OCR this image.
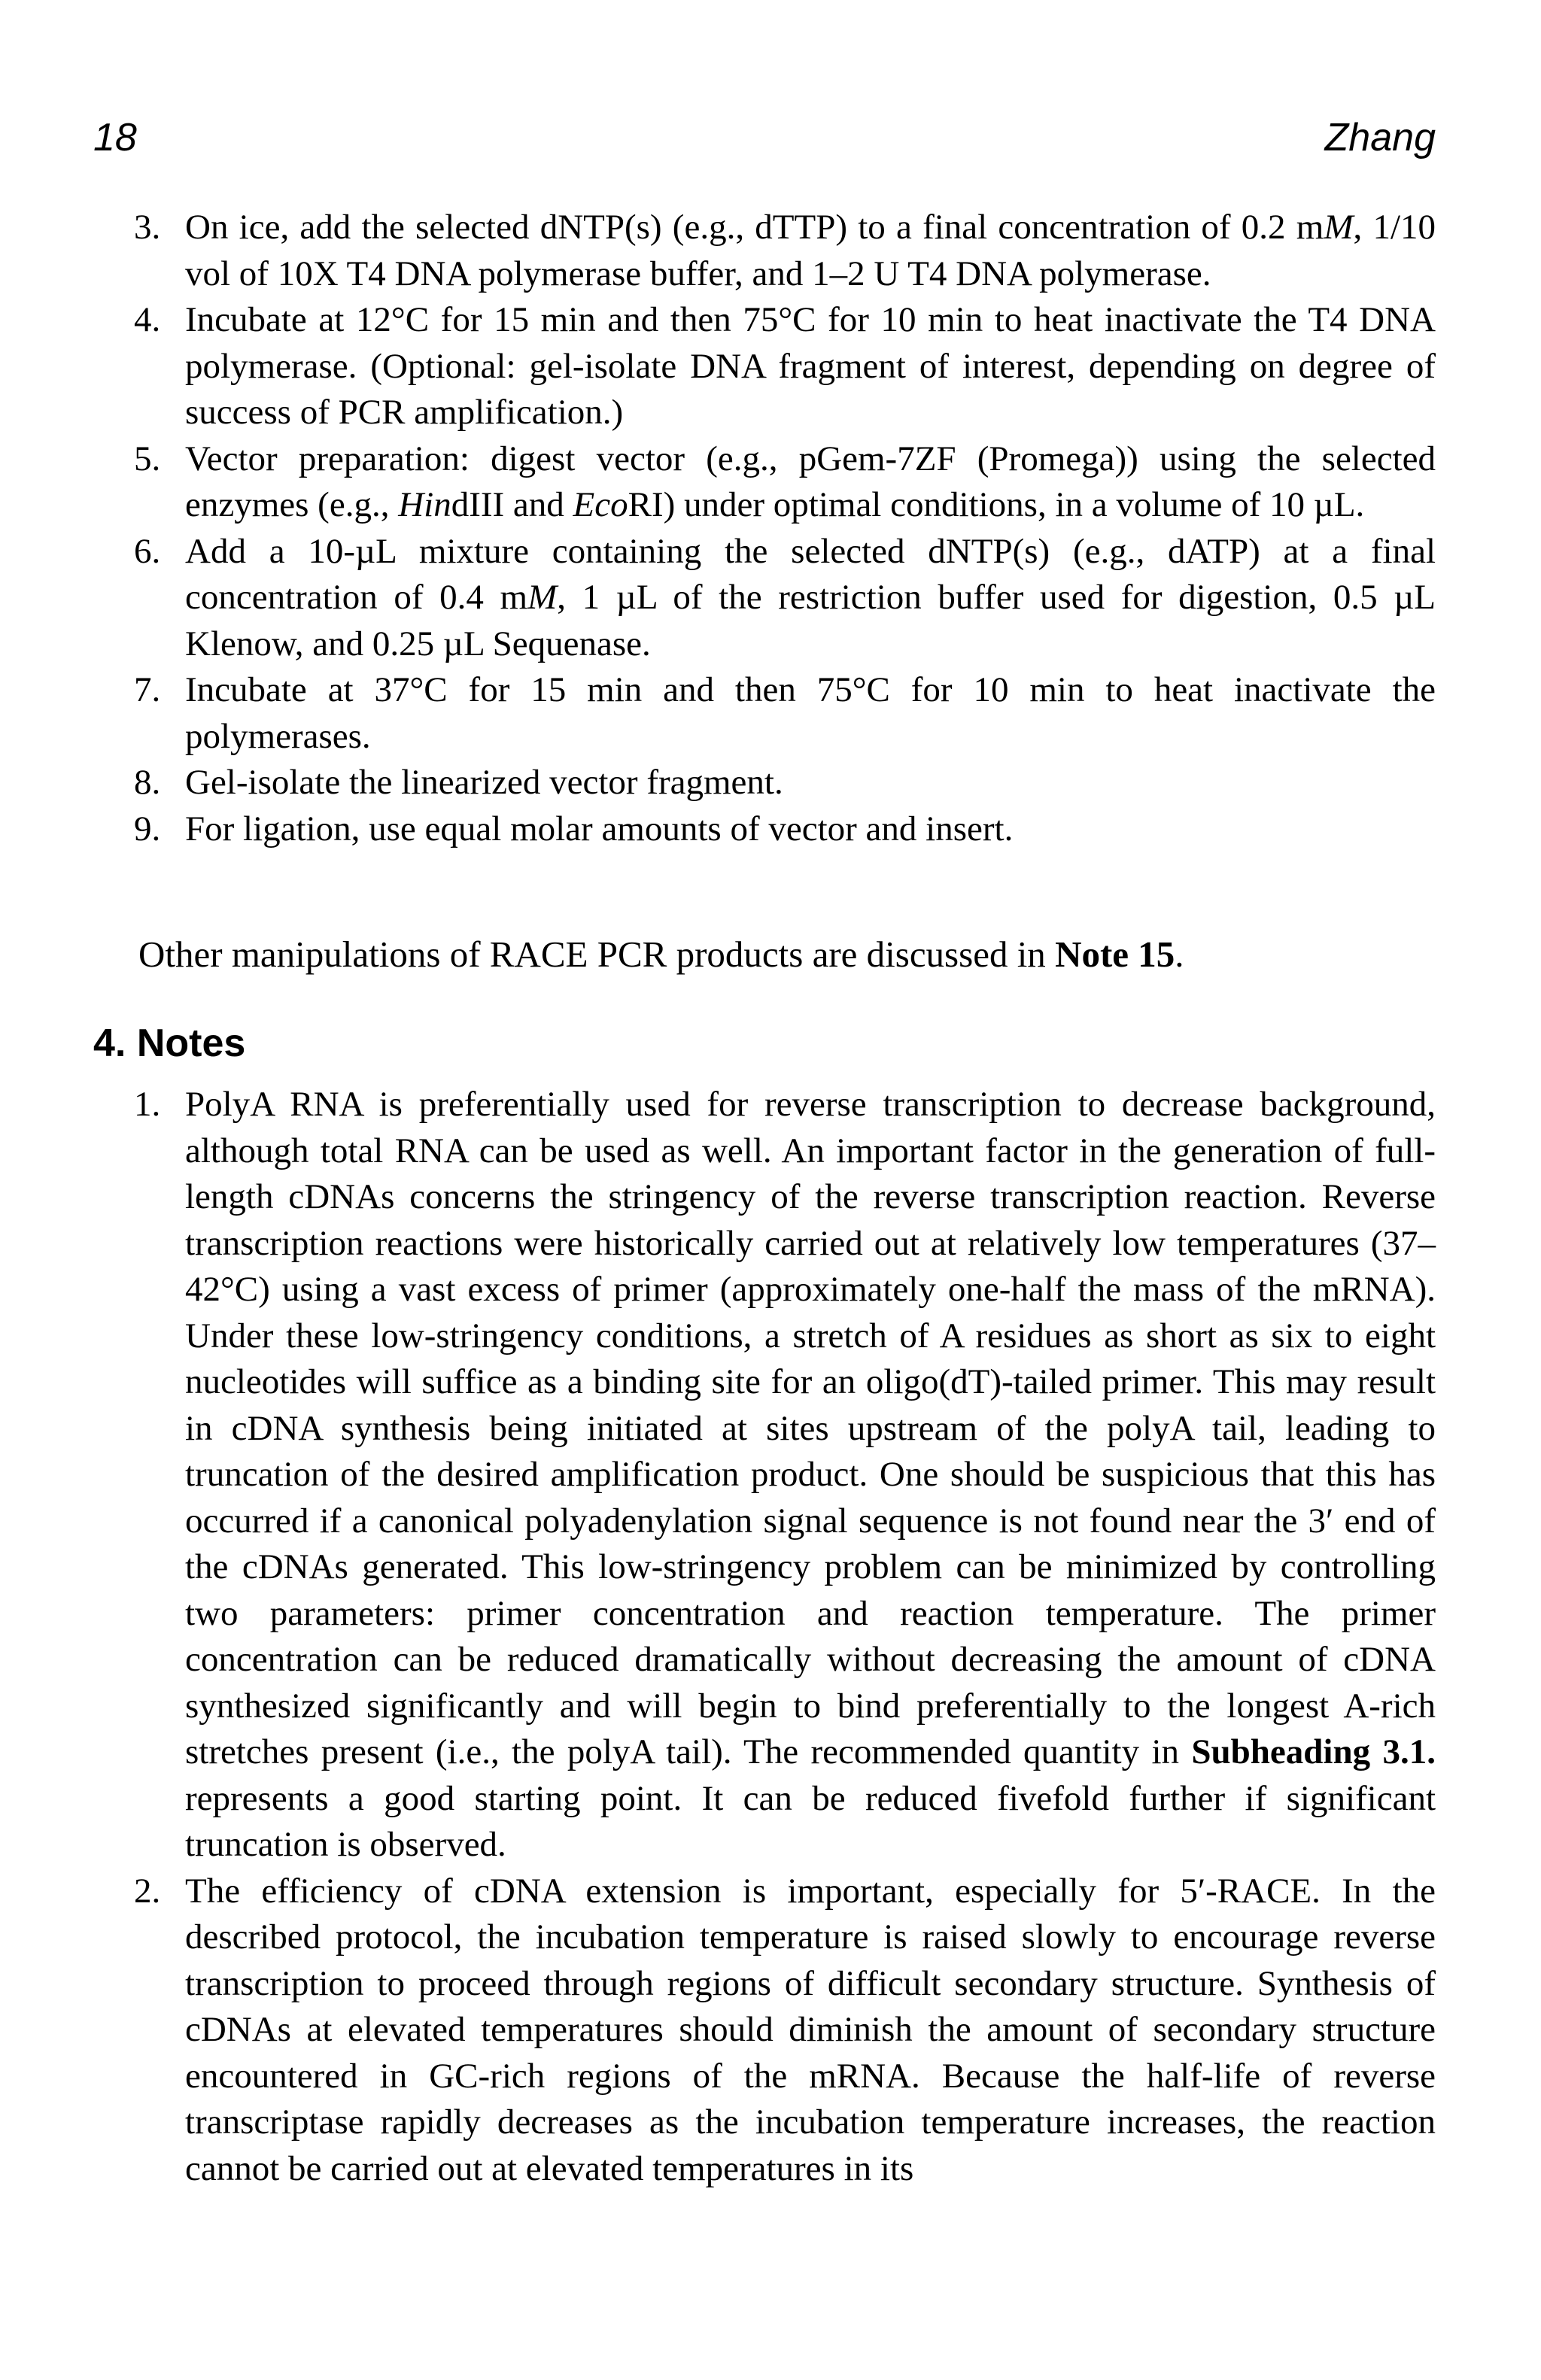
18	Zhang
3. On ice, add the selected dNTP(s) (e.g., dTTP) to a final concentration of 0.2 mM, 1/10 vol of 10X T4 DNA polymerase buffer, and 1–2 U T4 DNA polymerase.
4. Incubate at 12°C for 15 min and then 75°C for 10 min to heat inactivate the T4 DNA polymerase. (Optional: gel-isolate DNA fragment of interest, depending on degree of success of PCR amplification.)
5. Vector preparation: digest vector (e.g., pGem-7ZF (Promega)) using the selected enzymes (e.g., HindIII and EcoRI) under optimal conditions, in a volume of 10 µL.
6. Add a 10-µL mixture containing the selected dNTP(s) (e.g., dATP) at a final concentration of 0.4 mM, 1 µL of the restriction buffer used for digestion, 0.5 µL Klenow, and 0.25 µL Sequenase.
7. Incubate at 37°C for 15 min and then 75°C for 10 min to heat inactivate the polymerases.
8. Gel-isolate the linearized vector fragment.
9. For ligation, use equal molar amounts of vector and insert.
Other manipulations of RACE PCR products are discussed in Note 15.
4. Notes
1. PolyA RNA is preferentially used for reverse transcription to decrease background, although total RNA can be used as well. An important factor in the generation of full-length cDNAs concerns the stringency of the reverse transcription reaction. Reverse transcription reactions were historically carried out at relatively low temperatures (37–42°C) using a vast excess of primer (approximately one-half the mass of the mRNA). Under these low-stringency conditions, a stretch of A residues as short as six to eight nucleotides will suffice as a binding site for an oligo(dT)-tailed primer. This may result in cDNA synthesis being initiated at sites upstream of the polyA tail, leading to truncation of the desired amplification product. One should be suspicious that this has occurred if a canonical polyadenylation signal sequence is not found near the 3′ end of the cDNAs generated. This low-stringency problem can be minimized by controlling two parameters: primer concentration and reaction temperature. The primer concentration can be reduced dramatically without decreasing the amount of cDNA synthesized significantly and will begin to bind preferentially to the longest A-rich stretches present (i.e., the polyA tail). The recommended quantity in Subheading 3.1. represents a good starting point. It can be reduced fivefold further if significant truncation is observed.
2. The efficiency of cDNA extension is important, especially for 5′-RACE. In the described protocol, the incubation temperature is raised slowly to encourage reverse transcription to proceed through regions of difficult secondary structure. Synthesis of cDNAs at elevated temperatures should diminish the amount of secondary structure encountered in GC-rich regions of the mRNA. Because the half-life of reverse transcriptase rapidly decreases as the incubation temperature increases, the reaction cannot be carried out at elevated temperatures in its
